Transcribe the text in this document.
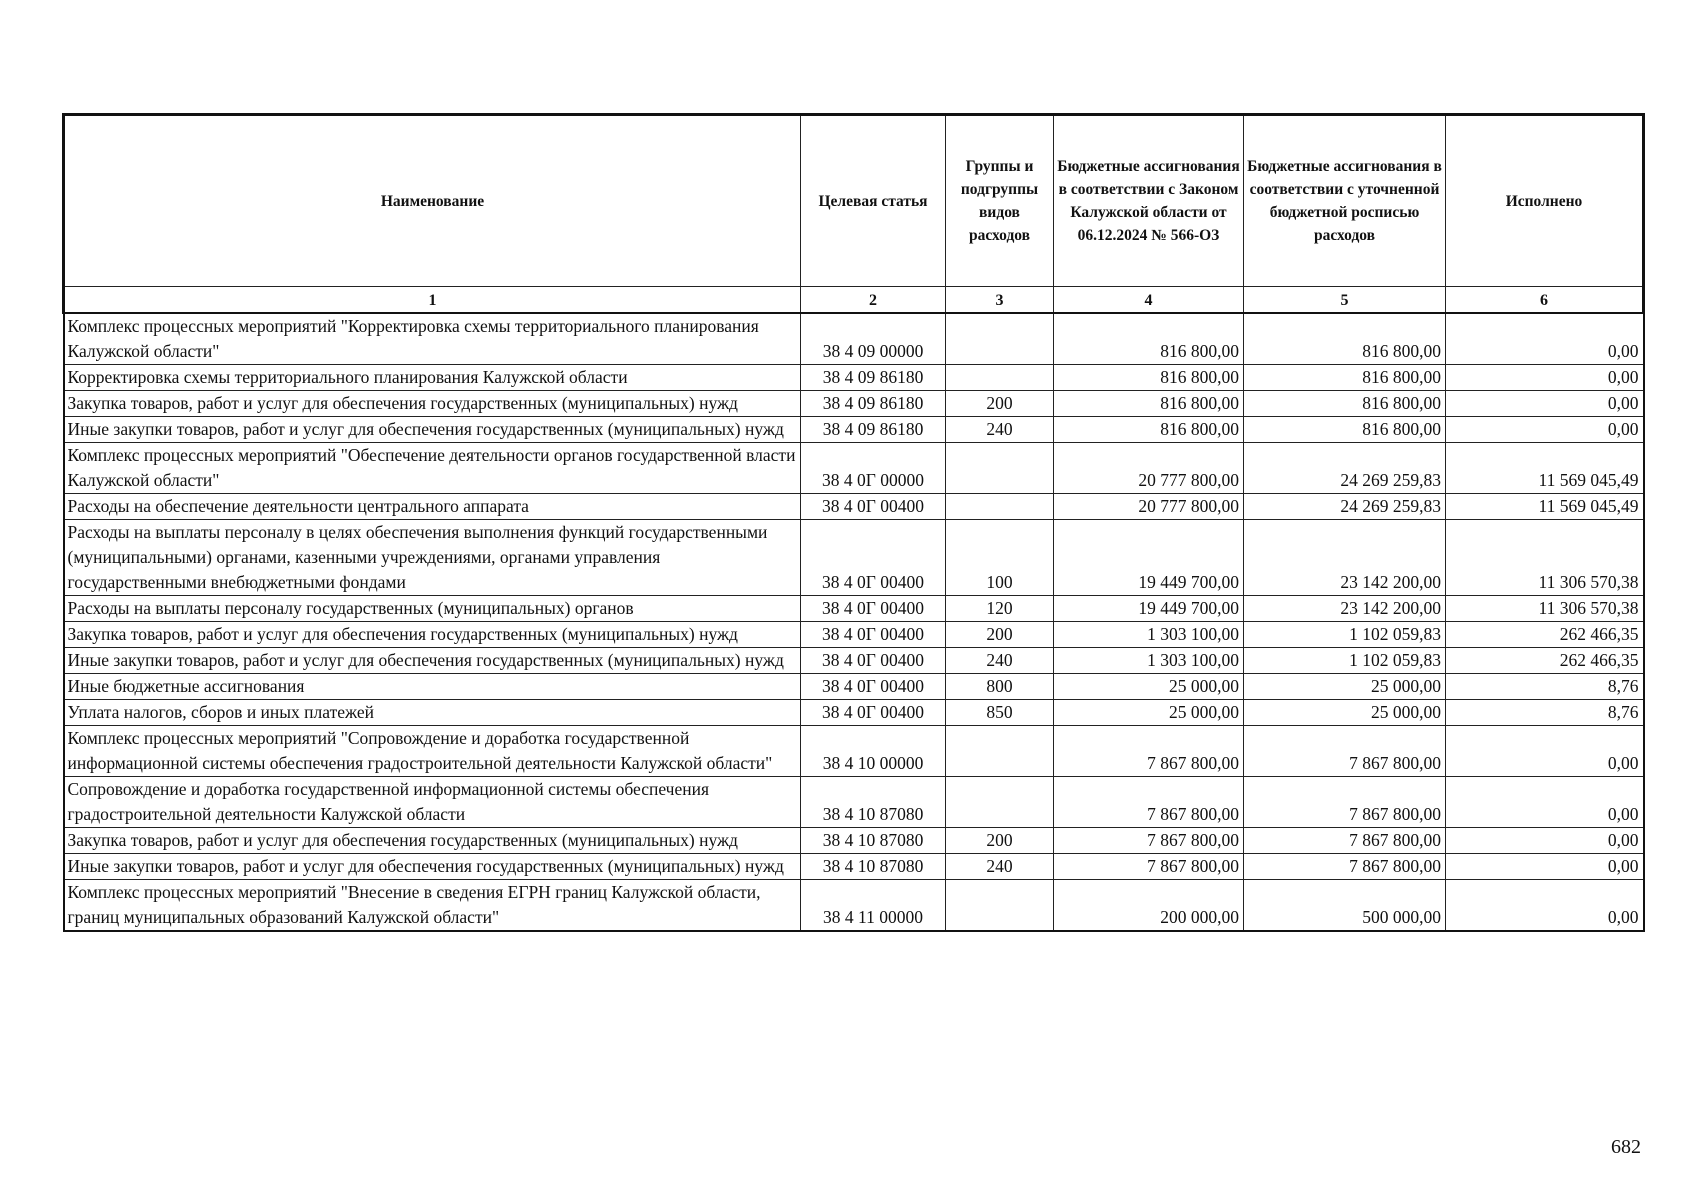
Наименование	Целевая статья	Группы и подгруппы видов расходов	Бюджетные ассигнования в соответствии с Законом Калужской области от 06.12.2024 № 566-ОЗ	Бюджетные ассигнования в соответствии с уточненной бюджетной росписью расходов	Исполнено
1	2	3	4	5	6
Комплекс процессных мероприятий "Корректировка схемы территориального планирования Калужской области"	38 4 09 00000		816 800,00	816 800,00	0,00
Корректировка схемы территориального планирования Калужской области	38 4 09 86180		816 800,00	816 800,00	0,00
Закупка товаров, работ и услуг для обеспечения государственных (муниципальных) нужд	38 4 09 86180	200	816 800,00	816 800,00	0,00
Иные закупки товаров, работ и услуг для обеспечения государственных (муниципальных) нужд	38 4 09 86180	240	816 800,00	816 800,00	0,00
Комплекс процессных мероприятий "Обеспечение деятельности органов государственной власти Калужской области"	38 4 0Г 00000		20 777 800,00	24 269 259,83	11 569 045,49
Расходы на обеспечение деятельности центрального аппарата	38 4 0Г 00400		20 777 800,00	24 269 259,83	11 569 045,49
Расходы на выплаты персоналу в целях обеспечения выполнения функций государственными (муниципальными) органами, казенными учреждениями, органами управления государственными внебюджетными фондами	38 4 0Г 00400	100	19 449 700,00	23 142 200,00	11 306 570,38
Расходы на выплаты персоналу государственных (муниципальных) органов	38 4 0Г 00400	120	19 449 700,00	23 142 200,00	11 306 570,38
Закупка товаров, работ и услуг для обеспечения государственных (муниципальных) нужд	38 4 0Г 00400	200	1 303 100,00	1 102 059,83	262 466,35
Иные закупки товаров, работ и услуг для обеспечения государственных (муниципальных) нужд	38 4 0Г 00400	240	1 303 100,00	1 102 059,83	262 466,35
Иные бюджетные ассигнования	38 4 0Г 00400	800	25 000,00	25 000,00	8,76
Уплата налогов, сборов и иных платежей	38 4 0Г 00400	850	25 000,00	25 000,00	8,76
Комплекс процессных мероприятий "Сопровождение и доработка государственной информационной системы обеспечения градостроительной деятельности Калужской области"	38 4 10 00000		7 867 800,00	7 867 800,00	0,00
Сопровождение и доработка государственной информационной системы обеспечения градостроительной деятельности Калужской области	38 4 10 87080		7 867 800,00	7 867 800,00	0,00
Закупка товаров, работ и услуг для обеспечения государственных (муниципальных) нужд	38 4 10 87080	200	7 867 800,00	7 867 800,00	0,00
Иные закупки товаров, работ и услуг для обеспечения государственных (муниципальных) нужд	38 4 10 87080	240	7 867 800,00	7 867 800,00	0,00
Комплекс процессных мероприятий "Внесение в сведения ЕГРН границ Калужской области, границ муниципальных образований Калужской области"	38 4 11 00000		200 000,00	500 000,00	0,00
682
